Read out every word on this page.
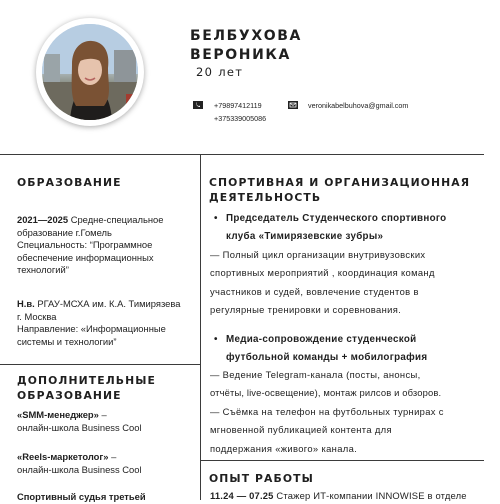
БЕЛБУХОВА
ВЕРОНИКА
20 лет
+79897412119
+375339005086
veronikabelbuhova@gmail.com
ОБРАЗОВАНИЕ
2021—2025 Средне-специальное
образование г.Гомель
Специальность: “Программное
обеспечение информационных
технологий”
Н.в. РГАУ-МСХА им. К.А. Тимирязева
г. Москва
Направление: «Информационные
системы и технологии”
ДОПОЛНИТЕЛЬНЫЕ
ОБРАЗОВАНИЕ
«SMM-менеджер» –
онлайн-школа Business Cool
«Reels-маркетолог» –
онлайн-школа Business Cool
Спортивный судья третьей
СПОРТИВНАЯ И ОРГАНИЗАЦИОННАЯ
ДЕЯТЕЛЬНОСТЬ
• Председатель Студенческого спортивного
клуба «Тимирязевские зубры»
— Полный цикл организации внутривузовских
спортивных мероприятий , координация команд
участников и судей, вовлечение студентов в
регулярные тренировки и соревнования.
• Медиа-сопровождение студенческой
футбольной команды + мобилография
— Ведение Telegram-канала (посты, анонсы,
отчёты, live-освещение), монтаж рилсов и обзоров.
— Съёмка на телефон на футбольных турнирах с
мгновенной публикацией контента для
поддержания «живого» канала.
ОПЫТ РАБОТЫ
11.24 — 07.25 Стажер ИТ-компании INNOWISE в отделе
